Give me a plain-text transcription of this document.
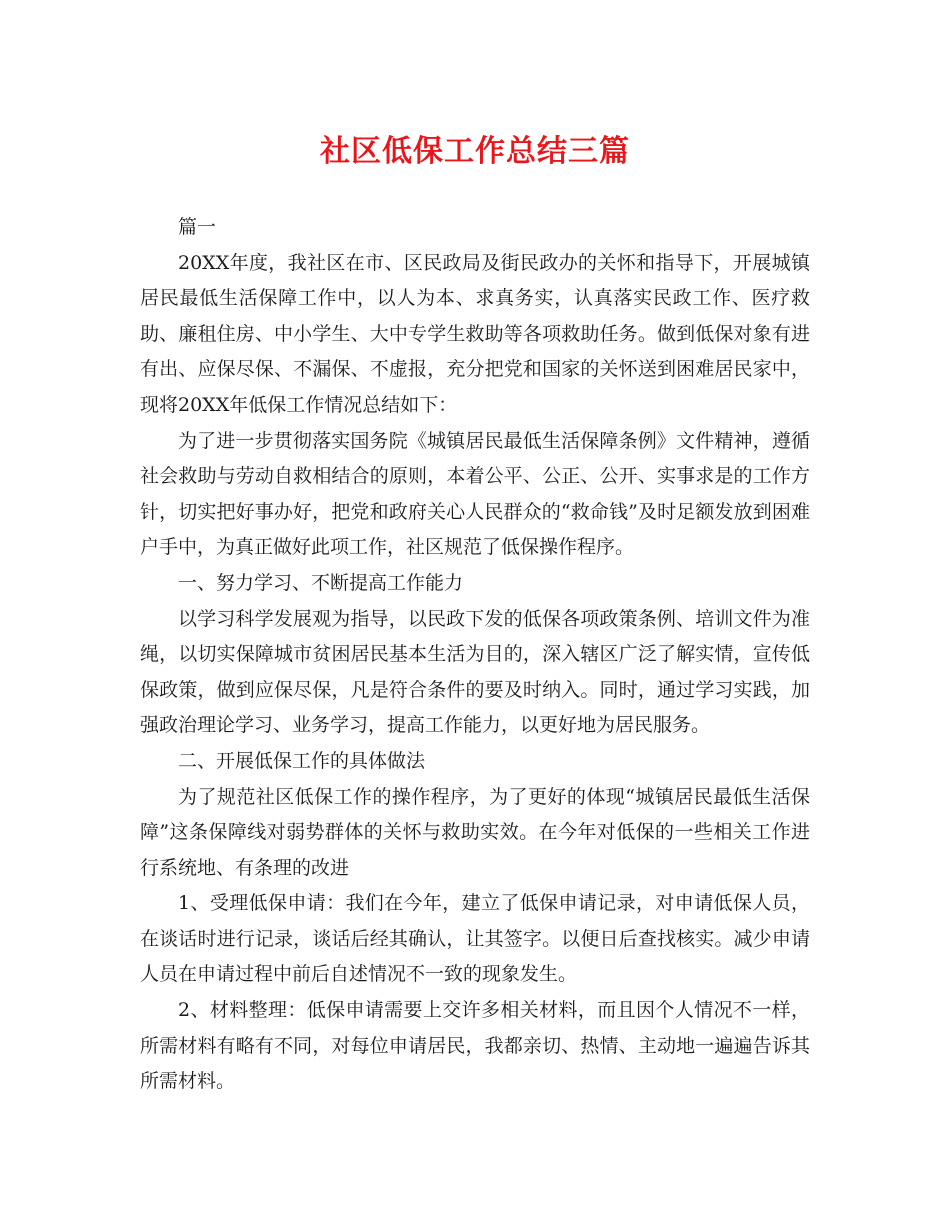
社区低保工作总结三篇

篇一

20XX年度，我社区在市、区民政局及街民政办的关怀和指导下，开展城镇居民最低生活保障工作中，以人为本、求真务实，认真落实民政工作、医疗救助、廉租住房、中小学生、大中专学生救助等各项救助任务。做到低保对象有进有出、应保尽保、不漏保、不虚报，充分把党和国家的关怀送到困难居民家中，现将20XX年低保工作情况总结如下：

为了进一步贯彻落实国务院《城镇居民最低生活保障条例》文件精神，遵循社会救助与劳动自救相结合的原则，本着公平、公正、公开、实事求是的工作方针，切实把好事办好，把党和政府关心人民群众的“救命钱”及时足额发放到困难户手中，为真正做好此项工作，社区规范了低保操作程序。

一、努力学习、不断提高工作能力

以学习科学发展观为指导，以民政下发的低保各项政策条例、培训文件为准绳，以切实保障城市贫困居民基本生活为目的，深入辖区广泛了解实情，宣传低保政策，做到应保尽保，凡是符合条件的要及时纳入。同时，通过学习实践，加强政治理论学习、业务学习，提高工作能力，以更好地为居民服务。

二、开展低保工作的具体做法

为了规范社区低保工作的操作程序，为了更好的体现“城镇居民最低生活保障”这条保障线对弱势群体的关怀与救助实效。在今年对低保的一些相关工作进行系统地、有条理的改进

1、受理低保申请：我们在今年，建立了低保申请记录，对申请低保人员，在谈话时进行记录，谈话后经其确认，让其签字。以便日后查找核实。减少申请人员在申请过程中前后自述情况不一致的现象发生。

2、材料整理：低保申请需要上交许多相关材料，而且因个人情况不一样，所需材料有略有不同，对每位申请居民，我都亲切、热情、主动地一遍遍告诉其所需材料。
